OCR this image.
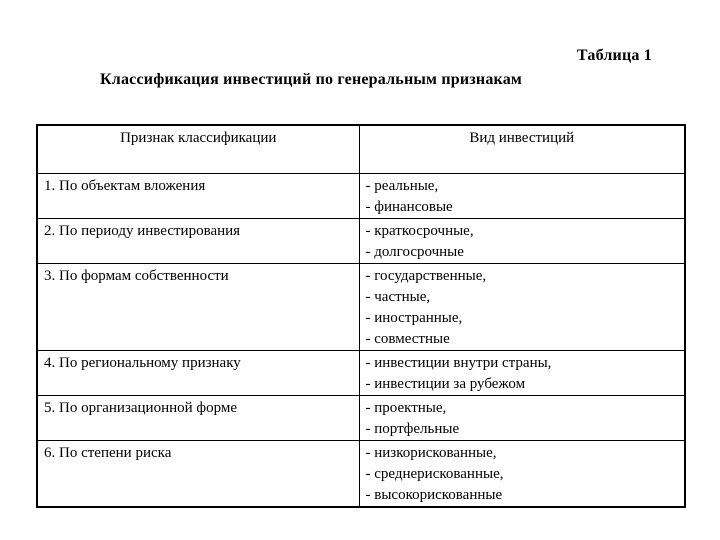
Таблица 1
Классификация инвестиций по генеральным признакам
Признак классификации	Вид инвестиций
1. По объектам вложения	- реальные,
- финансовые

2. По периоду инвестирования	- краткосрочные,
- долгосрочные

3. По формам собственности	- государственные,
- частные,
- иностранные,
- совместные

4. По региональному признаку	- инвестиции внутри страны,
- инвестиции за рубежом

5. По организационной форме	- проектные,
- портфельные

6. По степени риска	- низкорискованные,
- среднерискованные,
- высокорискованные
